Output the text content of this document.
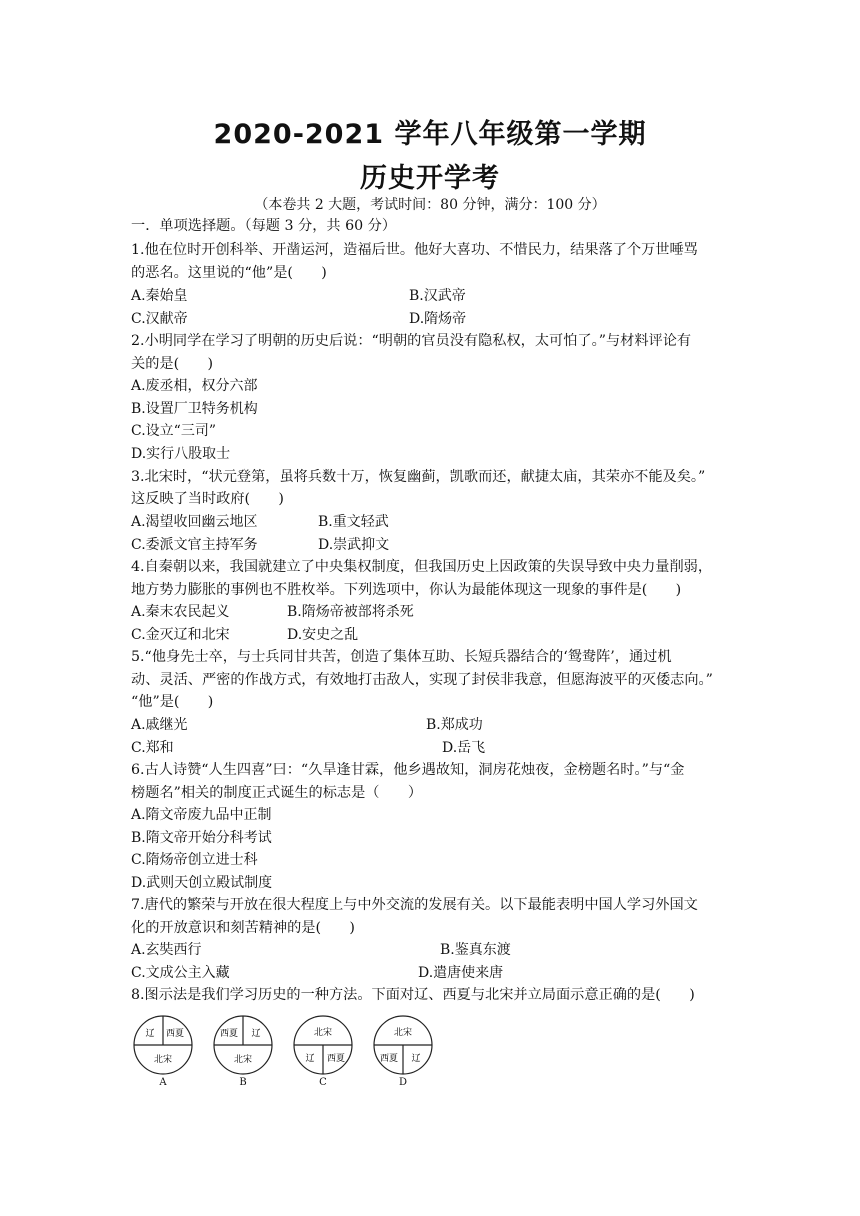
2020-2021 学年八年级第一学期
历史开学考
（本卷共 2 大题，考试时间：80 分钟，满分：100 分）
一．单项选择题。（每题 3 分，共 60 分）
1.他在位时开创科举、开凿运河，造福后世。他好大喜功、不惜民力，结果落了个万世唾骂
的恶名。这里说的“他”是(　　)
A.秦始皇	B.汉武帝
C.汉献帝	D.隋炀帝
2.小明同学在学习了明朝的历史后说：“明朝的官员没有隐私权，太可怕了。”与材料评论有
关的是(　　)
A.废丞相，权分六部
B.设置厂卫特务机构
C.设立“三司”
D.实行八股取士
3.北宋时，“状元登第，虽将兵数十万，恢复幽蓟，凯歌而还，献捷太庙，其荣亦不能及矣。”
这反映了当时政府(　　)
A.渴望收回幽云地区	B.重文轻武
C.委派文官主持军务	D.崇武抑文
4.自秦朝以来，我国就建立了中央集权制度，但我国历史上因政策的失误导致中央力量削弱，
地方势力膨胀的事例也不胜枚举。下列选项中，你认为最能体现这一现象的事件是(　　)
A.秦末农民起义	B.隋炀帝被部将杀死
C.金灭辽和北宋	D.安史之乱
5.“他身先士卒，与士兵同甘共苦，创造了集体互助、长短兵器结合的‘鸳鸯阵’，通过机
动、灵活、严密的作战方式，有效地打击敌人，实现了封侯非我意，但愿海波平的灭倭志向。”
“他”是(　　)
A.戚继光	B.郑成功
C.郑和	D.岳飞
6.古人诗赞“人生四喜”曰：“久旱逢甘霖，他乡遇故知，洞房花烛夜，金榜题名时。”与“金
榜题名”相关的制度正式诞生的标志是（　　）
A.隋文帝废九品中正制
B.隋文帝开始分科考试
C.隋炀帝创立进士科
D.武则天创立殿试制度
7.唐代的繁荣与开放在很大程度上与中外交流的发展有关。以下最能表明中国人学习外国文
化的开放意识和刻苦精神的是(　　)
A.玄奘西行	B.鉴真东渡
C.文成公主入藏	D.遣唐使来唐
8.图示法是我们学习历史的一种方法。下面对辽、西夏与北宋并立局面示意正确的是(　　)
辽 西夏
北宋
A
西夏 辽
北宋
B
北宋
辽 西夏
C
北宋
西夏 辽
D
